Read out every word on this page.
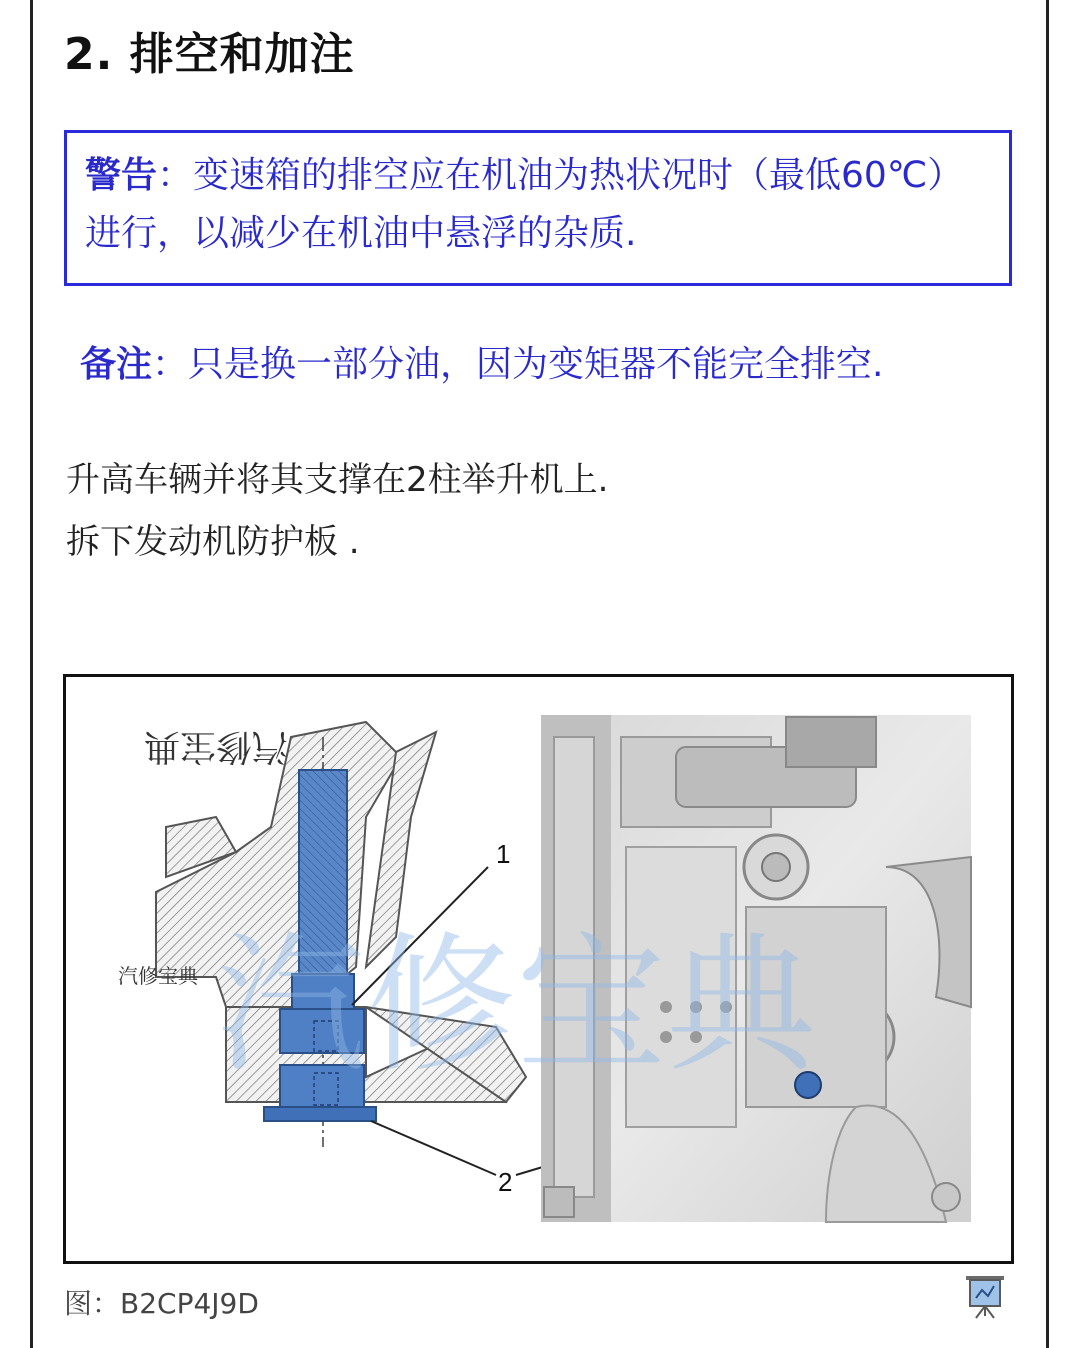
2. 排空和加注
警告：变速箱的排空应在机油为热状况时（最低60℃）进行，以减少在机油中悬浮的杂质.
备注：只是换一部分油，因为变矩器不能完全排空.
升高车辆并将其支撑在2柱举升机上.
拆下发动机防护板 .
1
2
汽修宝典
汽修宝典 汽修宝典
图：B2CP4J9D
